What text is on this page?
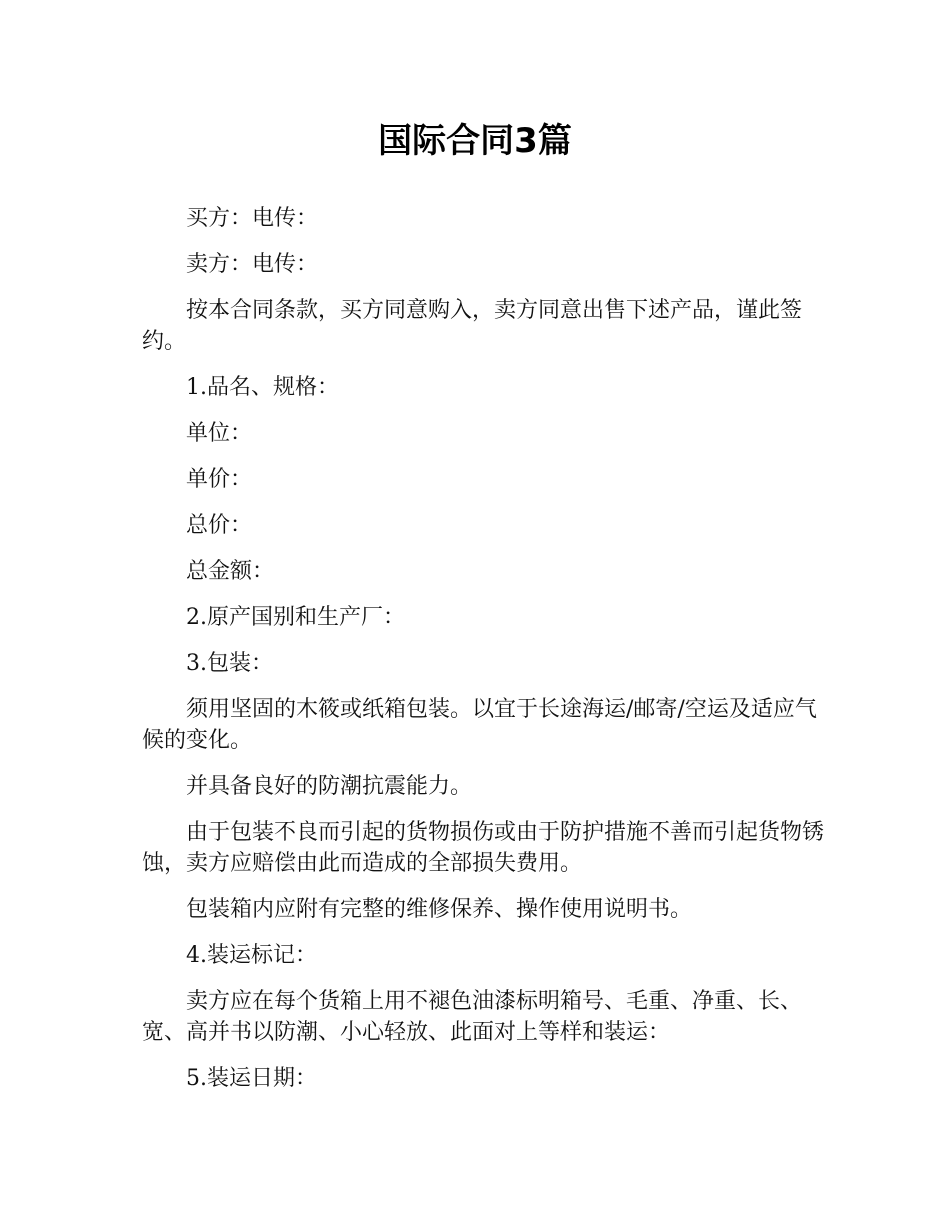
国际合同3篇

买方：电传：

卖方：电传：

按本合同条款，买方同意购入，卖方同意出售下述产品，谨此签约。

1.品名、规格：

单位：

单价：

总价：

总金额：

2.原产国别和生产厂：

3.包装：

须用坚固的木筱或纸箱包装。以宜于长途海运/邮寄/空运及适应气候的变化。

并具备良好的防潮抗震能力。

由于包装不良而引起的货物损伤或由于防护措施不善而引起货物锈蚀，卖方应赔偿由此而造成的全部损失费用。

包装箱内应附有完整的维修保养、操作使用说明书。

4.装运标记：

卖方应在每个货箱上用不褪色油漆标明箱号、毛重、净重、长、宽、高并书以防潮、小心轻放、此面对上等样和装运：

5.装运日期：
